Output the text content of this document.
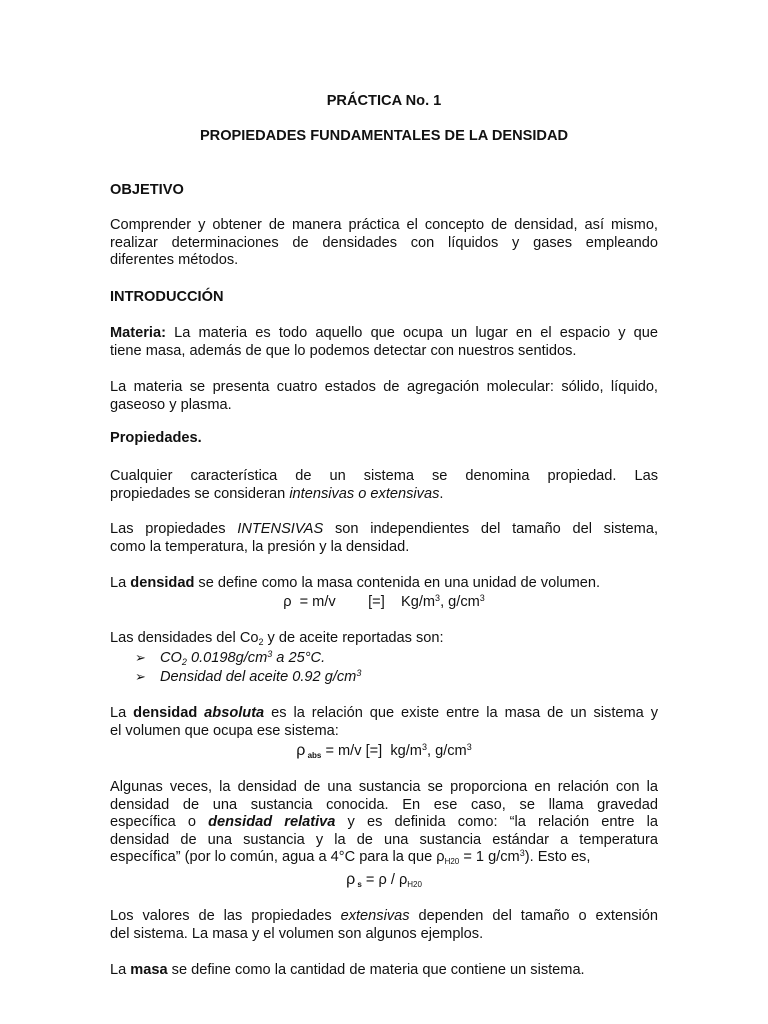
PRÁCTICA No. 1
PROPIEDADES FUNDAMENTALES DE LA DENSIDAD
OBJETIVO
Comprender y obtener de manera práctica el concepto de densidad, así mismo,
realizar determinaciones de densidades con líquidos y gases empleando
diferentes métodos.
INTRODUCCIÓN
Materia: La materia es todo aquello que ocupa un lugar en el espacio y que
tiene masa, además de que lo podemos detectar con nuestros sentidos.
La materia se presenta cuatro estados de agregación molecular: sólido, líquido,
gaseoso y plasma.
Propiedades.
Cualquier característica de un sistema se denomina propiedad. Las
propiedades se consideran intensivas o extensivas.
Las propiedades INTENSIVAS son independientes del tamaño del sistema,
como la temperatura, la presión y la densidad.
La densidad se define como la masa contenida en una unidad de volumen.
ρ  = m/v        [=]    $Kg/m^3$, $g/cm^3$
Las densidades del $Co_2$ y de aceite reportadas son:
➢ $CO_2$ $0.0198g/cm^3$ a 25°C.
➢ Densidad del aceite 0.92 $g/cm^3$
La densidad absoluta es la relación que existe entre la masa de un sistema y
el volumen que ocupa ese sistema:
ρ $_{abs}$ = m/v [=]  $kg/m^3$, $g/cm^3$
Algunas veces, la densidad de una sustancia se proporciona en relación con la
densidad de una sustancia conocida. En ese caso, se llama gravedad
específica o densidad relativa y es definida como: “la relación entre la
densidad de una sustancia y la de una sustancia estándar a temperatura
específica” (por lo común, agua a 4°C para la que $\rho_{H20} = 1$ $g/cm^3$). Esto es,
ρ $_s = \rho / \rho_{H20}$
Los valores de las propiedades extensivas dependen del tamaño o extensión
del sistema. La masa y el volumen son algunos ejemplos.
La masa se define como la cantidad de materia que contiene un sistema.
